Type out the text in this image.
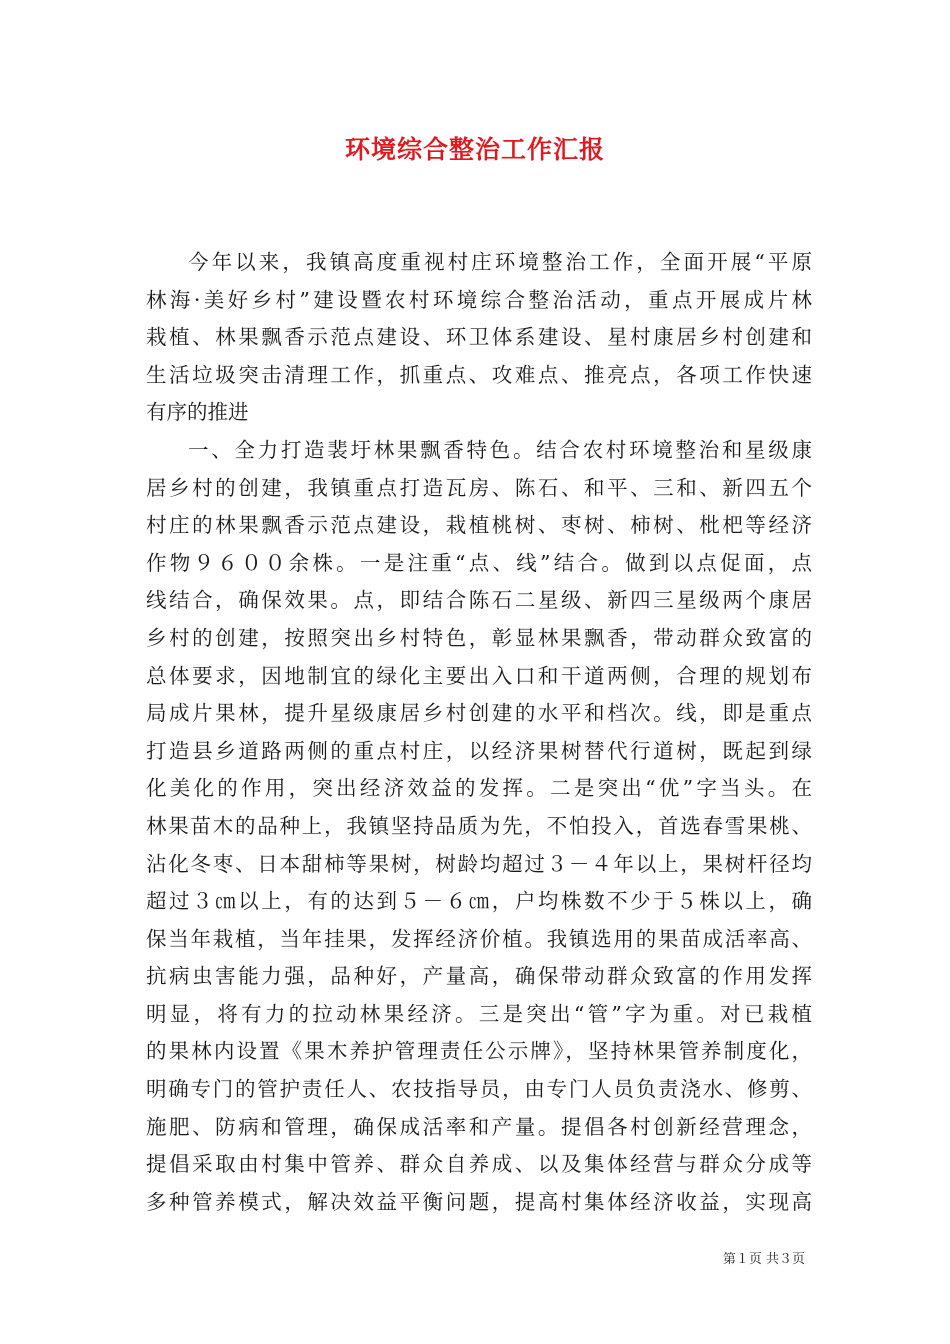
环境综合整治工作汇报
今年以来，我镇高度重视村庄环境整治工作，全面开展“平原
林海·美好乡村”建设暨农村环境综合整治活动，重点开展成片林
栽植、林果飘香示范点建设、环卫体系建设、星村康居乡村创建和
生活垃圾突击清理工作，抓重点、攻难点、推亮点，各项工作快速
有序的推进
一、全力打造裴圩林果飘香特色。结合农村环境整治和星级康
居乡村的创建，我镇重点打造瓦房、陈石、和平、三和、新四五个
村庄的林果飘香示范点建设，栽植桃树、枣树、柿树、枇杷等经济
作物９６００余株。一是注重“点、线”结合。做到以点促面，点
线结合，确保效果。点，即结合陈石二星级、新四三星级两个康居
乡村的创建，按照突出乡村特色，彰显林果飘香，带动群众致富的
总体要求，因地制宜的绿化主要出入口和干道两侧，合理的规划布
局成片果林，提升星级康居乡村创建的水平和档次。线，即是重点
打造县乡道路两侧的重点村庄，以经济果树替代行道树，既起到绿
化美化的作用，突出经济效益的发挥。二是突出“优”字当头。在
林果苗木的品种上，我镇坚持品质为先，不怕投入，首选春雪果桃、
沾化冬枣、日本甜柿等果树，树龄均超过３－４年以上，果树杆径均
超过３㎝以上，有的达到５－６㎝，户均株数不少于５株以上，确
保当年栽植，当年挂果，发挥经济价植。我镇选用的果苗成活率高、
抗病虫害能力强，品种好，产量高，确保带动群众致富的作用发挥
明显，将有力的拉动林果经济。三是突出“管”字为重。对已栽植
的果林内设置《果木养护管理责任公示牌》，坚持林果管养制度化，
明确专门的管护责任人、农技指导员，由专门人员负责浇水、修剪、
施肥、防病和管理，确保成活率和产量。提倡各村创新经营理念，
提倡采取由村集中管养、群众自养成、以及集体经营与群众分成等
多种管养模式，解决效益平衡问题，提高村集体经济收益，实现高
第１页 共３页
